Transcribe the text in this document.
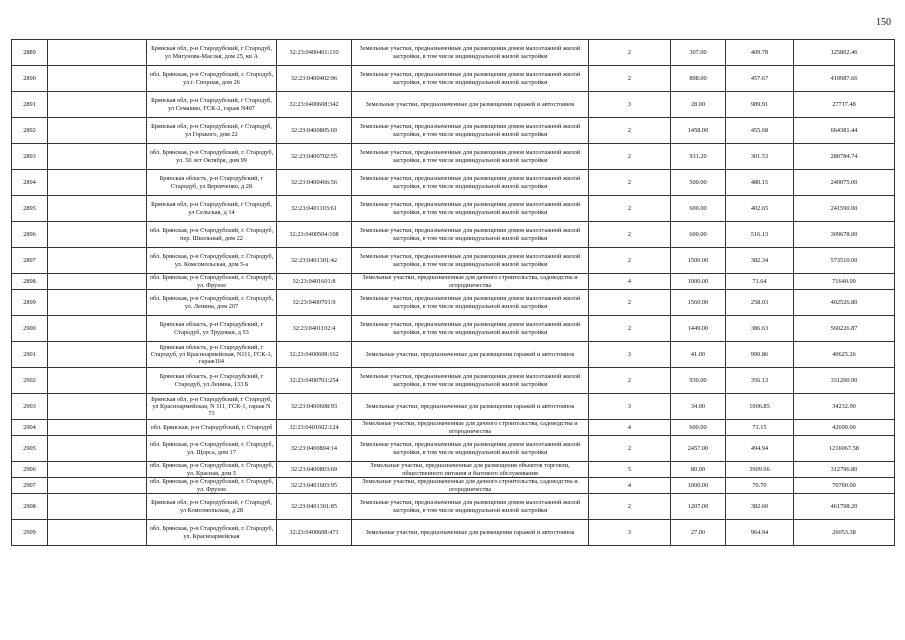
150
2889		Брянская обл, р-н Стародубский, г Стародуб, ул Мигунова-Маслая, дом 25, кв А	32:23:0400401:110	Земельные участки, предназначенные для размещения домов малоэтажной жилой застройки, в том числе индивидуальной жилой застройки	2	307.00	409.78	125802.46
2890		обл. Брянская, р-н Стародубский, г. Стародуб, ул.г. Спорная, дом 26	32:23:0400402:96	Земельные участки, предназначенные для размещения домов малоэтажной жилой застройки, в том числе индивидуальной жилой застройки	2	898.00	457.67	410987.66
2891		Брянская обл, р-н Стародубский, г Стародуб, ул Семашко, ГСК-2, гараж N407	32:23:0400608:342	Земельные участки, предназначенные для размещения гаражей и автостоянок	3	28.00	989.91	27717.48
2892		Брянская обл, р-н Стародубский, г Стародуб, ул Горького, дом 22	32:23:0400805:69	Земельные участки, предназначенные для размещения домов малоэтажной жилой застройки, в том числе индивидуальной жилой застройки	2	1458.00	455.68	664381.44
2893		обл. Брянская, р-н Стародубский, г. Стародуб, ул. 50 лет Октября, дом 99	32:23:0400702:55	Земельные участки, предназначенные для размещения домов малоэтажной жилой застройки, в том числе индивидуальной жилой застройки	2	931.20	301.53	280784.74
2894		Брянская область, р-н Стародубский, г Стародуб, ул Веревченко, д 28	32:23:0400466:56	Земельные участки, предназначенные для размещения домов малоэтажной жилой застройки, в том числе индивидуальной жилой застройки	2	500.00	480.15	240075.00
2895		Брянская обл, р-н Стародубский, г Стародуб, ул Сельская, д 14	32:23:0401103:61	Земельные участки, предназначенные для размещения домов малоэтажной жилой застройки, в том числе индивидуальной жилой застройки	2	600.00	402.65	241590.00
2896		обл. Брянская, р-н Стародубский, г. Стародуб, пер. Школьный, дом 22	32:23:0400504:108	Земельные участки, предназначенные для размещения домов малоэтажной жилой застройки, в том числе индивидуальной жилой застройки	2	600.00	516.13	309678.00
2897		обл. Брянская, р-н Стародубский, г. Стародуб, ул. Комсомольская, дом 5-а	32:23:0401301:42	Земельные участки, предназначенные для размещения домов малоэтажной жилой застройки, в том числе индивидуальной жилой застройки	2	1500.00	382.34	573510.00
2898		обл. Брянская, р-н Стародубский, г. Стародуб, ул. Фрунзе	32:23:0401601:8	Земельные участки, предназначенные для дачного строительства, садоводства и огородничества	4	1000.00	71.64	71640.00
2899		обл. Брянская, р-н Стародубский, г. Стародуб, ул. Ленина, дом 207	32:23:0400701:9	Земельные участки, предназначенные для размещения домов малоэтажной жилой застройки, в том числе индивидуальной жилой застройки	2	1560.00	258.03	402526.80
2900		Брянская область, р-н Стародубский, г Стародуб, ул Трудовая, д 53	32:23:0401102:4	Земельные участки, предназначенные для размещения домов малоэтажной жилой застройки, в том числе индивидуальной жилой застройки	2	1449.00	386.63	560226.87
2901		Брянская область, р-н Стародубский, г Стародуб, ул Красноармейская, N111, ГСК-1, гараж164	32:23:0400608:162	Земельные участки, предназначенные для размещения гаражей и автостоянок	3	41.00	990.86	40625.26
2902		Брянская область, р-н Стародубский, г Стародуб, ул Ленина, 133 Б	32:23:0400703:254	Земельные участки, предназначенные для размещения домов малоэтажной жилой застройки, в том числе индивидуальной жилой застройки	2	930.00	356.13	331200.90
2903		Брянская обл, р-н Стародубский, г Стародуб, ул Красноармейская, N 111, ГСК-1, гараж N 73	32:23:0400608:93	Земельные участки, предназначенные для размещения гаражей и автостоянок	3	34.00	1006.85	34232.90
2904		обл. Брянская, р-н Стародубский, г. Стародуб	32:23:0401602:124	Земельные участки, предназначенные для дачного строительства, садоводства и огородничества	4	600.00	71.15	42690.00
2905		обл. Брянская, р-н Стародубский, г. Стародуб, ул. Щорса, дом 17	32:23:0400804:14	Земельные участки, предназначенные для размещения домов малоэтажной жилой застройки, в том числе индивидуальной жилой застройки	2	2457.00	494.94	1216067.58
2906		обл. Брянская, р-н Стародубский, г. Стародуб, ул. Красная, дом 5	32:23:0400803:69	Земельные участки, предназначенные для размещения объектов торговли, общественного питания и бытового обслуживания	5	80.00	3909.96	312796.80
2907		обл. Брянская, р-н Стародубский, г. Стародуб, ул. Фрунзе	32:23:0401603:95	Земельные участки, предназначенные для дачного строительства, садоводства и огородничества	4	1000.00	70.70	70700.00
2908		Брянская обл, р-н Стародубский, г Стародуб, ул Комсомольская, д 28	32:23:0401301:85	Земельные участки, предназначенные для размещения домов малоэтажной жилой застройки, в том числе индивидуальной жилой застройки	2	1207.00	382.60	461798.20
2909		обл. Брянская, р-н Стародубский, г. Стародуб, ул. Красноармейская	32:23:0400608:471	Земельные участки, предназначенные для размещения гаражей и автостоянок	3	27.00	964.94	26053.38
